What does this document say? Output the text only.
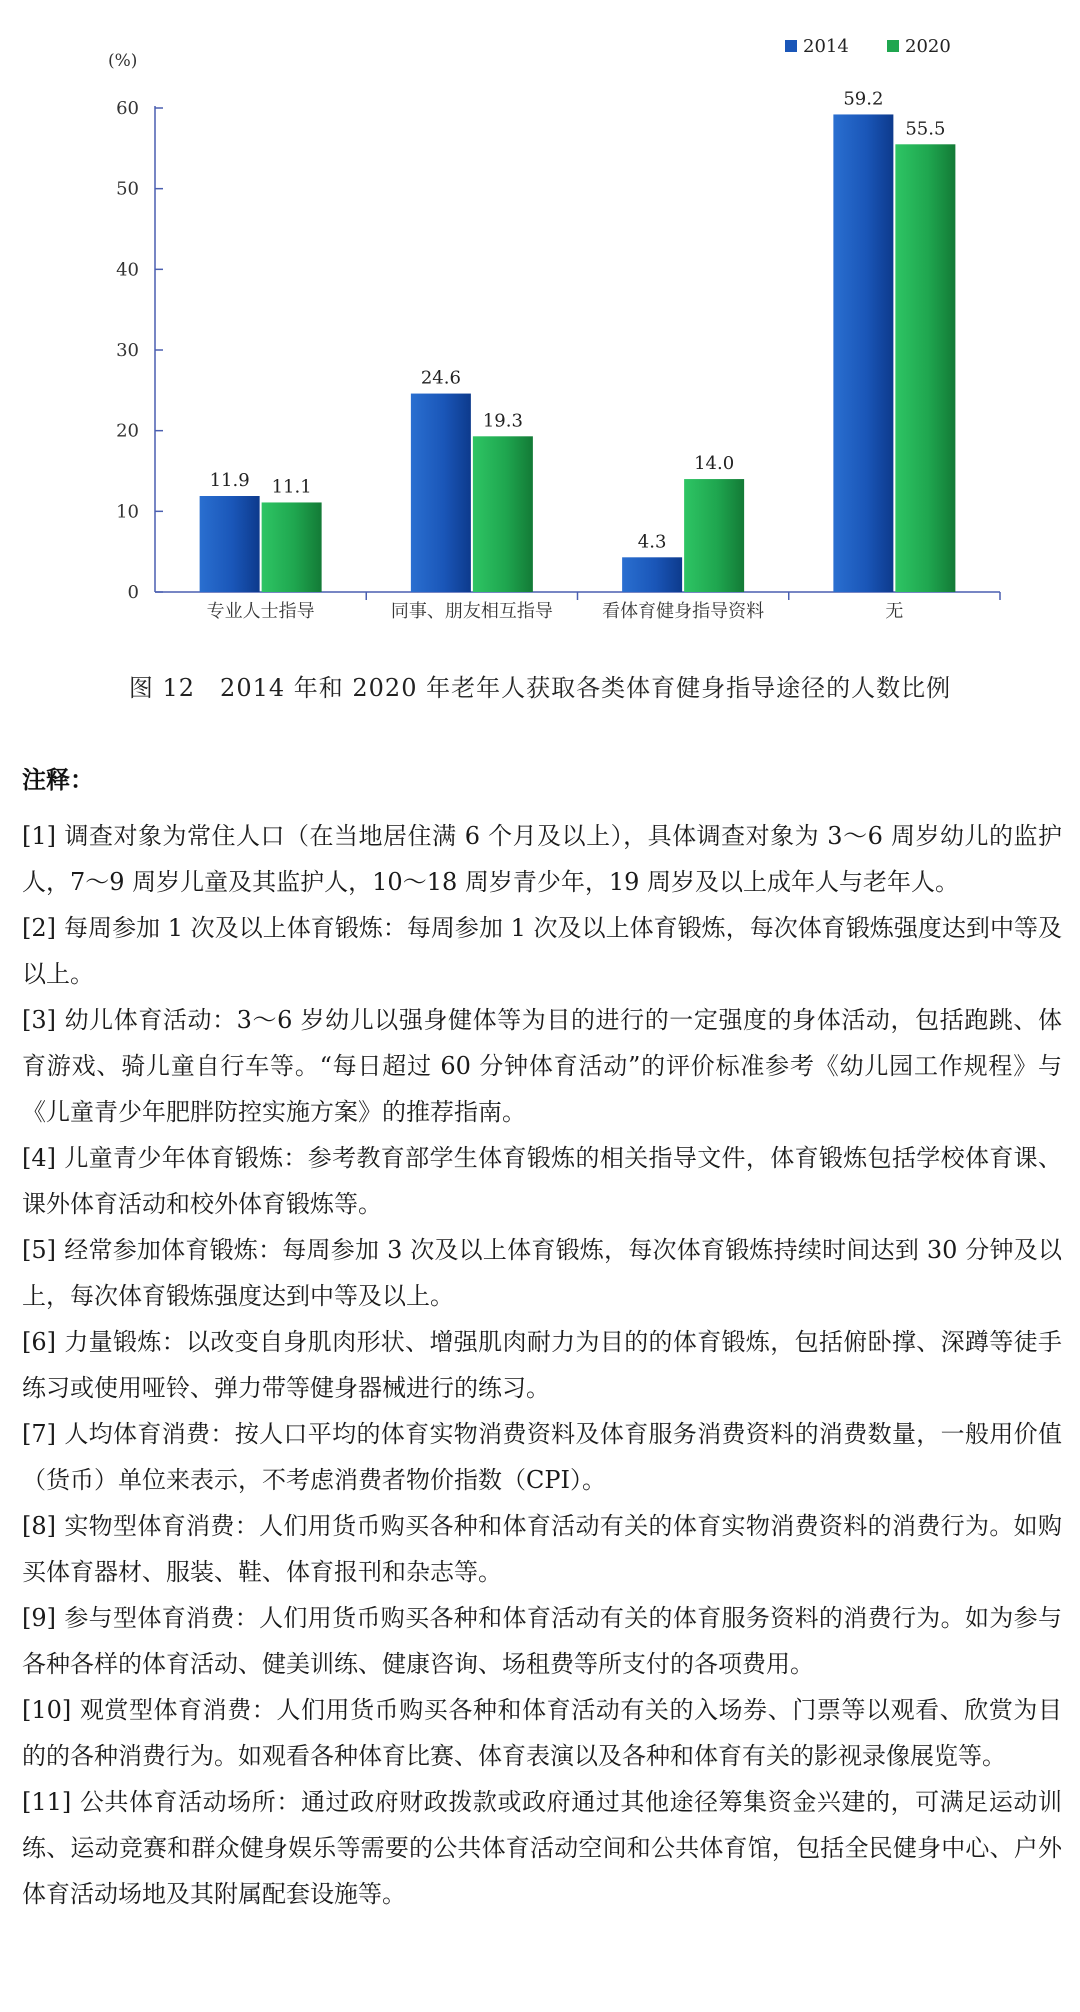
(%)
0
10
20
30
40
50
60
专业人士指导	同事、朋友相互指导	看体育健身指导资料	无
11.9 11.1
24.6
19.3
4.3
14.0
59.2
55.5
2014	2020
图 12　2014 年和 2020 年老年人获取各类体育健身指导途径的人数比例
注释：
[1] 调查对象为常住人口（在当地居住满 6 个月及以上），具体调查对象为 3～6 周岁幼儿的监护人，7～9 周岁儿童及其监护人，10～18 周岁青少年，19 周岁及以上成年人与老年人。
[2] 每周参加 1 次及以上体育锻炼：每周参加 1 次及以上体育锻炼，每次体育锻炼强度达到中等及以上。
[3] 幼儿体育活动：3～6 岁幼儿以强身健体等为目的进行的一定强度的身体活动，包括跑跳、体育游戏、骑儿童自行车等。“每日超过 60 分钟体育活动”的评价标准参考《幼儿园工作规程》与《儿童青少年肥胖防控实施方案》的推荐指南。
[4] 儿童青少年体育锻炼：参考教育部学生体育锻炼的相关指导文件，体育锻炼包括学校体育课、课外体育活动和校外体育锻炼等。
[5] 经常参加体育锻炼：每周参加 3 次及以上体育锻炼，每次体育锻炼持续时间达到 30 分钟及以上，每次体育锻炼强度达到中等及以上。
[6] 力量锻炼：以改变自身肌肉形状、增强肌肉耐力为目的的体育锻炼，包括俯卧撑、深蹲等徒手练习或使用哑铃、弹力带等健身器械进行的练习。
[7] 人均体育消费：按人口平均的体育实物消费资料及体育服务消费资料的消费数量，一般用价值（货币）单位来表示，不考虑消费者物价指数（CPI）。
[8] 实物型体育消费：人们用货币购买各种和体育活动有关的体育实物消费资料的消费行为。如购买体育器材、服装、鞋、体育报刊和杂志等。
[9] 参与型体育消费：人们用货币购买各种和体育活动有关的体育服务资料的消费行为。如为参与各种各样的体育活动、健美训练、健康咨询、场租费等所支付的各项费用。
[10] 观赏型体育消费：人们用货币购买各种和体育活动有关的入场券、门票等以观看、欣赏为目的的各种消费行为。如观看各种体育比赛、体育表演以及各种和体育有关的影视录像展览等。
[11] 公共体育活动场所：通过政府财政拨款或政府通过其他途径筹集资金兴建的，可满足运动训练、运动竞赛和群众健身娱乐等需要的公共体育活动空间和公共体育馆，包括全民健身中心、户外体育活动场地及其附属配套设施等。
